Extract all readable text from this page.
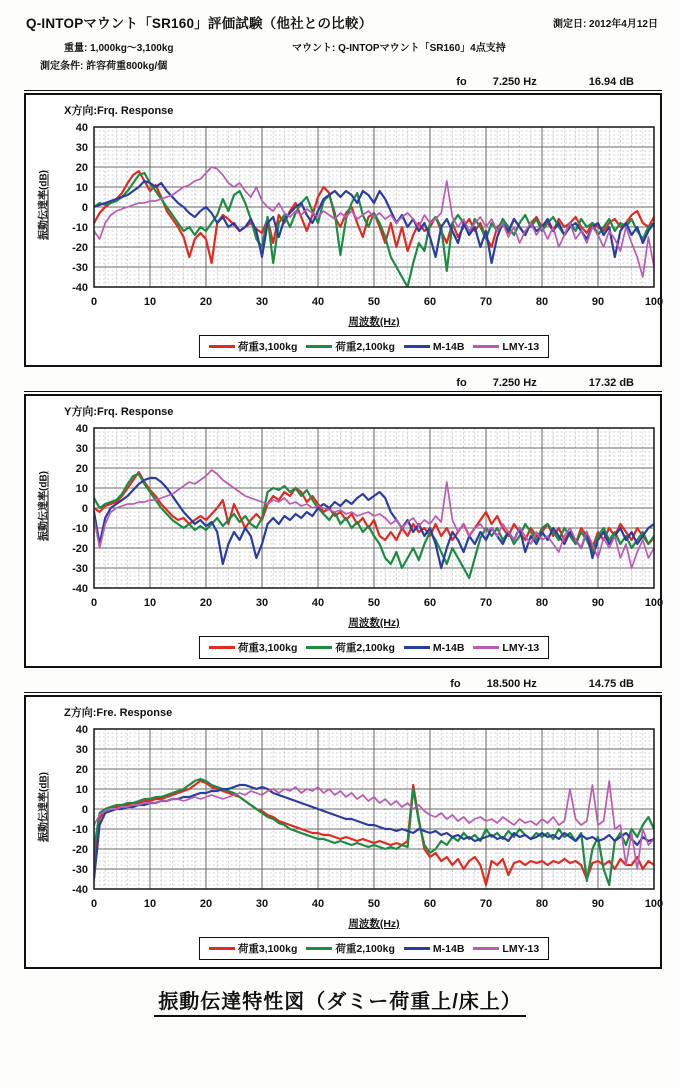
Q-INTOPマウント「SR160」評価試験（他社との比較）	測定日: 2012年4月12日
重量: 1,000kg～3,100kg	マウント: Q-INTOPマウント「SR160」4点支持
測定条件: 許容荷重800kg/個
fo 7.250 Hz	16.94 dB
X方向:Frq. Response
振動伝達率(dB)
0	10	20	30	40	50	60	70	80	90	100
-40
-30
-20
-10
0
10
20
30
40
周波数(Hz)
荷重3,100kg	荷重2,100kg	M-14B	LMY-13
fo 7.250 Hz	17.32 dB
Y方向:Frq. Response
振動伝達率(dB)
0	10	20	30	40	50	60	70	80	90	100
-40
-30
-20
-10
0
10
20
30
40
周波数(Hz)
荷重3,100kg	荷重2,100kg	M-14B	LMY-13
fo 18.500 Hz	14.75 dB
Z方向:Fre. Response
振動伝達率(dB)
0	10	20	30	40	50	60	70	80	90	100
-40
-30
-20
-10
0
10
20
30
40
周波数(Hz)
荷重3,100kg	荷重2,100kg	M-14B	LMY-13
振動伝達特性図（ダミー荷重上/床上）
